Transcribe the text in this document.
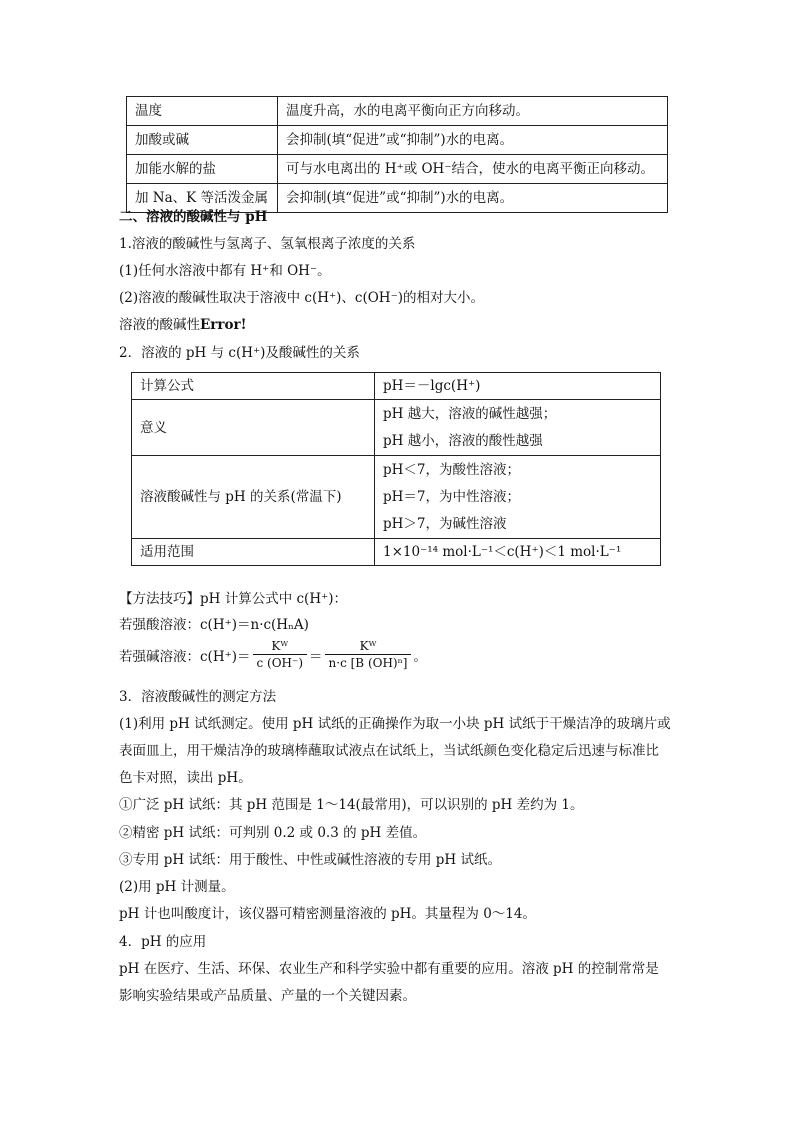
温度	温度升高，水的电离平衡向正方向移动。
加酸或碱	会抑制(填“促进”或“抑制”)水的电离。
加能水解的盐	可与水电离出的 H⁺或 OH⁻结合，使水的电离平衡正向移动。
加 Na、K 等活泼金属	会抑制(填“促进”或“抑制”)水的电离。
二、溶液的酸碱性与 pH
1.溶液的酸碱性与氢离子、氢氧根离子浓度的关系
(1)任何水溶液中都有 H⁺和 OH⁻。
(2)溶液的酸碱性取决于溶液中 c(H⁺)、c(OH⁻)的相对大小。
溶液的酸碱性Error!
2．溶液的 pH 与 c(H⁺)及酸碱性的关系
计算公式	pH＝－lgc(H⁺)
意义	pH 越大，溶液的碱性越强；
pH 越小，溶液的酸性越强

溶液酸碱性与 pH 的关系(常温下)	pH＜7，为酸性溶液；
pH＝7，为中性溶液；
pH＞7，为碱性溶液

适用范围	1×10⁻¹⁴ mol·L⁻¹＜c(H⁺)＜1 mol·L⁻¹
【方法技巧】pH 计算公式中 c(H⁺)：
若强酸溶液：c(H⁺)＝n·c(HₙA)
若强碱溶液：$c(H^+)= \frac{\text{Kᵂ}}{c (OH^-)} = \frac{\text{Kᵂ}}{\text{n·c [B (OH)ⁿ]}}$ 。
3．溶液酸碱性的测定方法
(1)利用 pH 试纸测定。使用 pH 试纸的正确操作为取一小块 pH 试纸于干燥洁净的玻璃片或
表面皿上，用干燥洁净的玻璃棒蘸取试液点在试纸上，当试纸颜色变化稳定后迅速与标准比
色卡对照，读出 pH。
①广泛 pH 试纸：其 pH 范围是 1～14(最常用)，可以识别的 pH 差约为 1。
②精密 pH 试纸：可判别 0.2 或 0.3 的 pH 差值。
③专用 pH 试纸：用于酸性、中性或碱性溶液的专用 pH 试纸。
(2)用 pH 计测量。
pH 计也叫酸度计，该仪器可精密测量溶液的 pH。其量程为 0～14。
4．pH 的应用
pH 在医疗、生活、环保、农业生产和科学实验中都有重要的应用。溶液 pH 的控制常常是
影响实验结果或产品质量、产量的一个关键因素。
